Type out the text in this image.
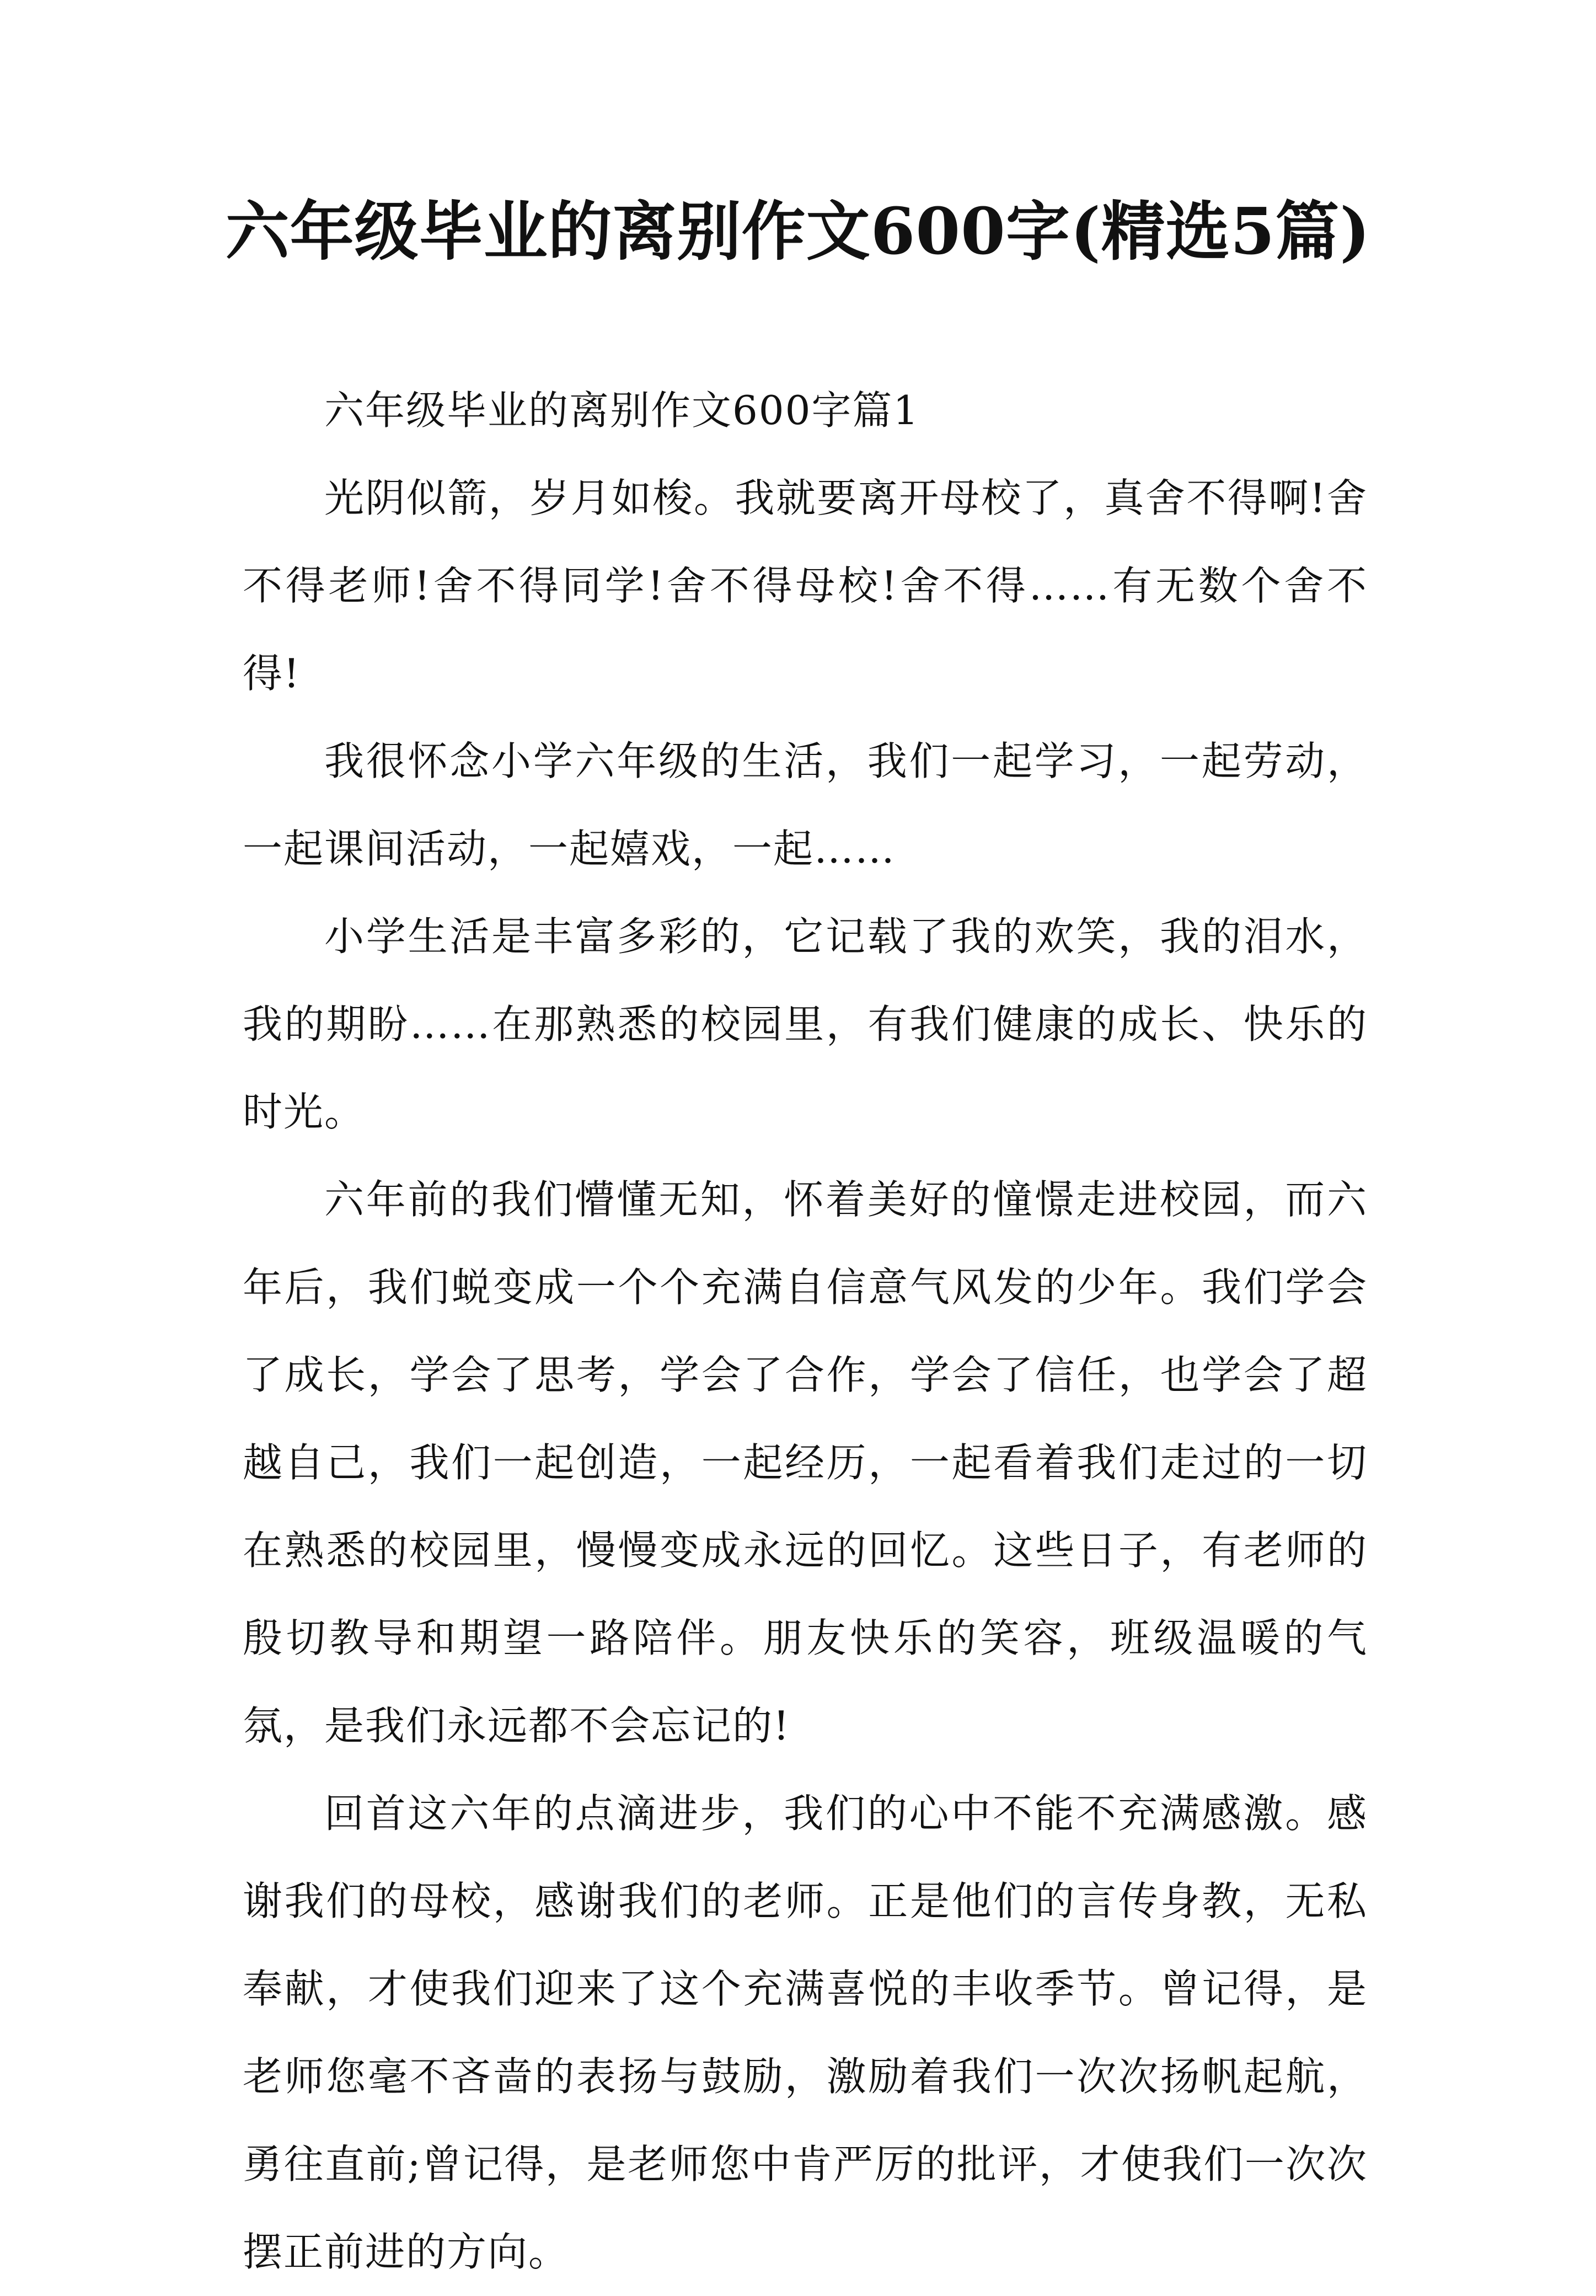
六年级毕业的离别作文600字(精选5篇)

六年级毕业的离别作文600字篇1

光阴似箭，岁月如梭。我就要离开母校了，真舍不得啊!舍不得老师!舍不得同学!舍不得母校!舍不得……有无数个舍不得!

我很怀念小学六年级的生活，我们一起学习，一起劳动，一起课间活动，一起嬉戏，一起……

小学生活是丰富多彩的，它记载了我的欢笑，我的泪水，我的期盼……在那熟悉的校园里，有我们健康的成长、快乐的时光。

六年前的我们懵懂无知，怀着美好的憧憬走进校园，而六年后，我们蜕变成一个个充满自信意气风发的少年。我们学会了成长，学会了思考，学会了合作，学会了信任，也学会了超越自己，我们一起创造，一起经历，一起看着我们走过的一切在熟悉的校园里，慢慢变成永远的回忆。这些日子，有老师的殷切教导和期望一路陪伴。朋友快乐的笑容，班级温暖的气氛，是我们永远都不会忘记的!

回首这六年的点滴进步，我们的心中不能不充满感激。感谢我们的母校，感谢我们的老师。正是他们的言传身教，无私奉献，才使我们迎来了这个充满喜悦的丰收季节。曾记得，是老师您毫不吝啬的表扬与鼓励，激励着我们一次次扬帆起航，勇往直前;曾记得，是老师您中肯严厉的批评，才使我们一次次摆正前进的方向。
